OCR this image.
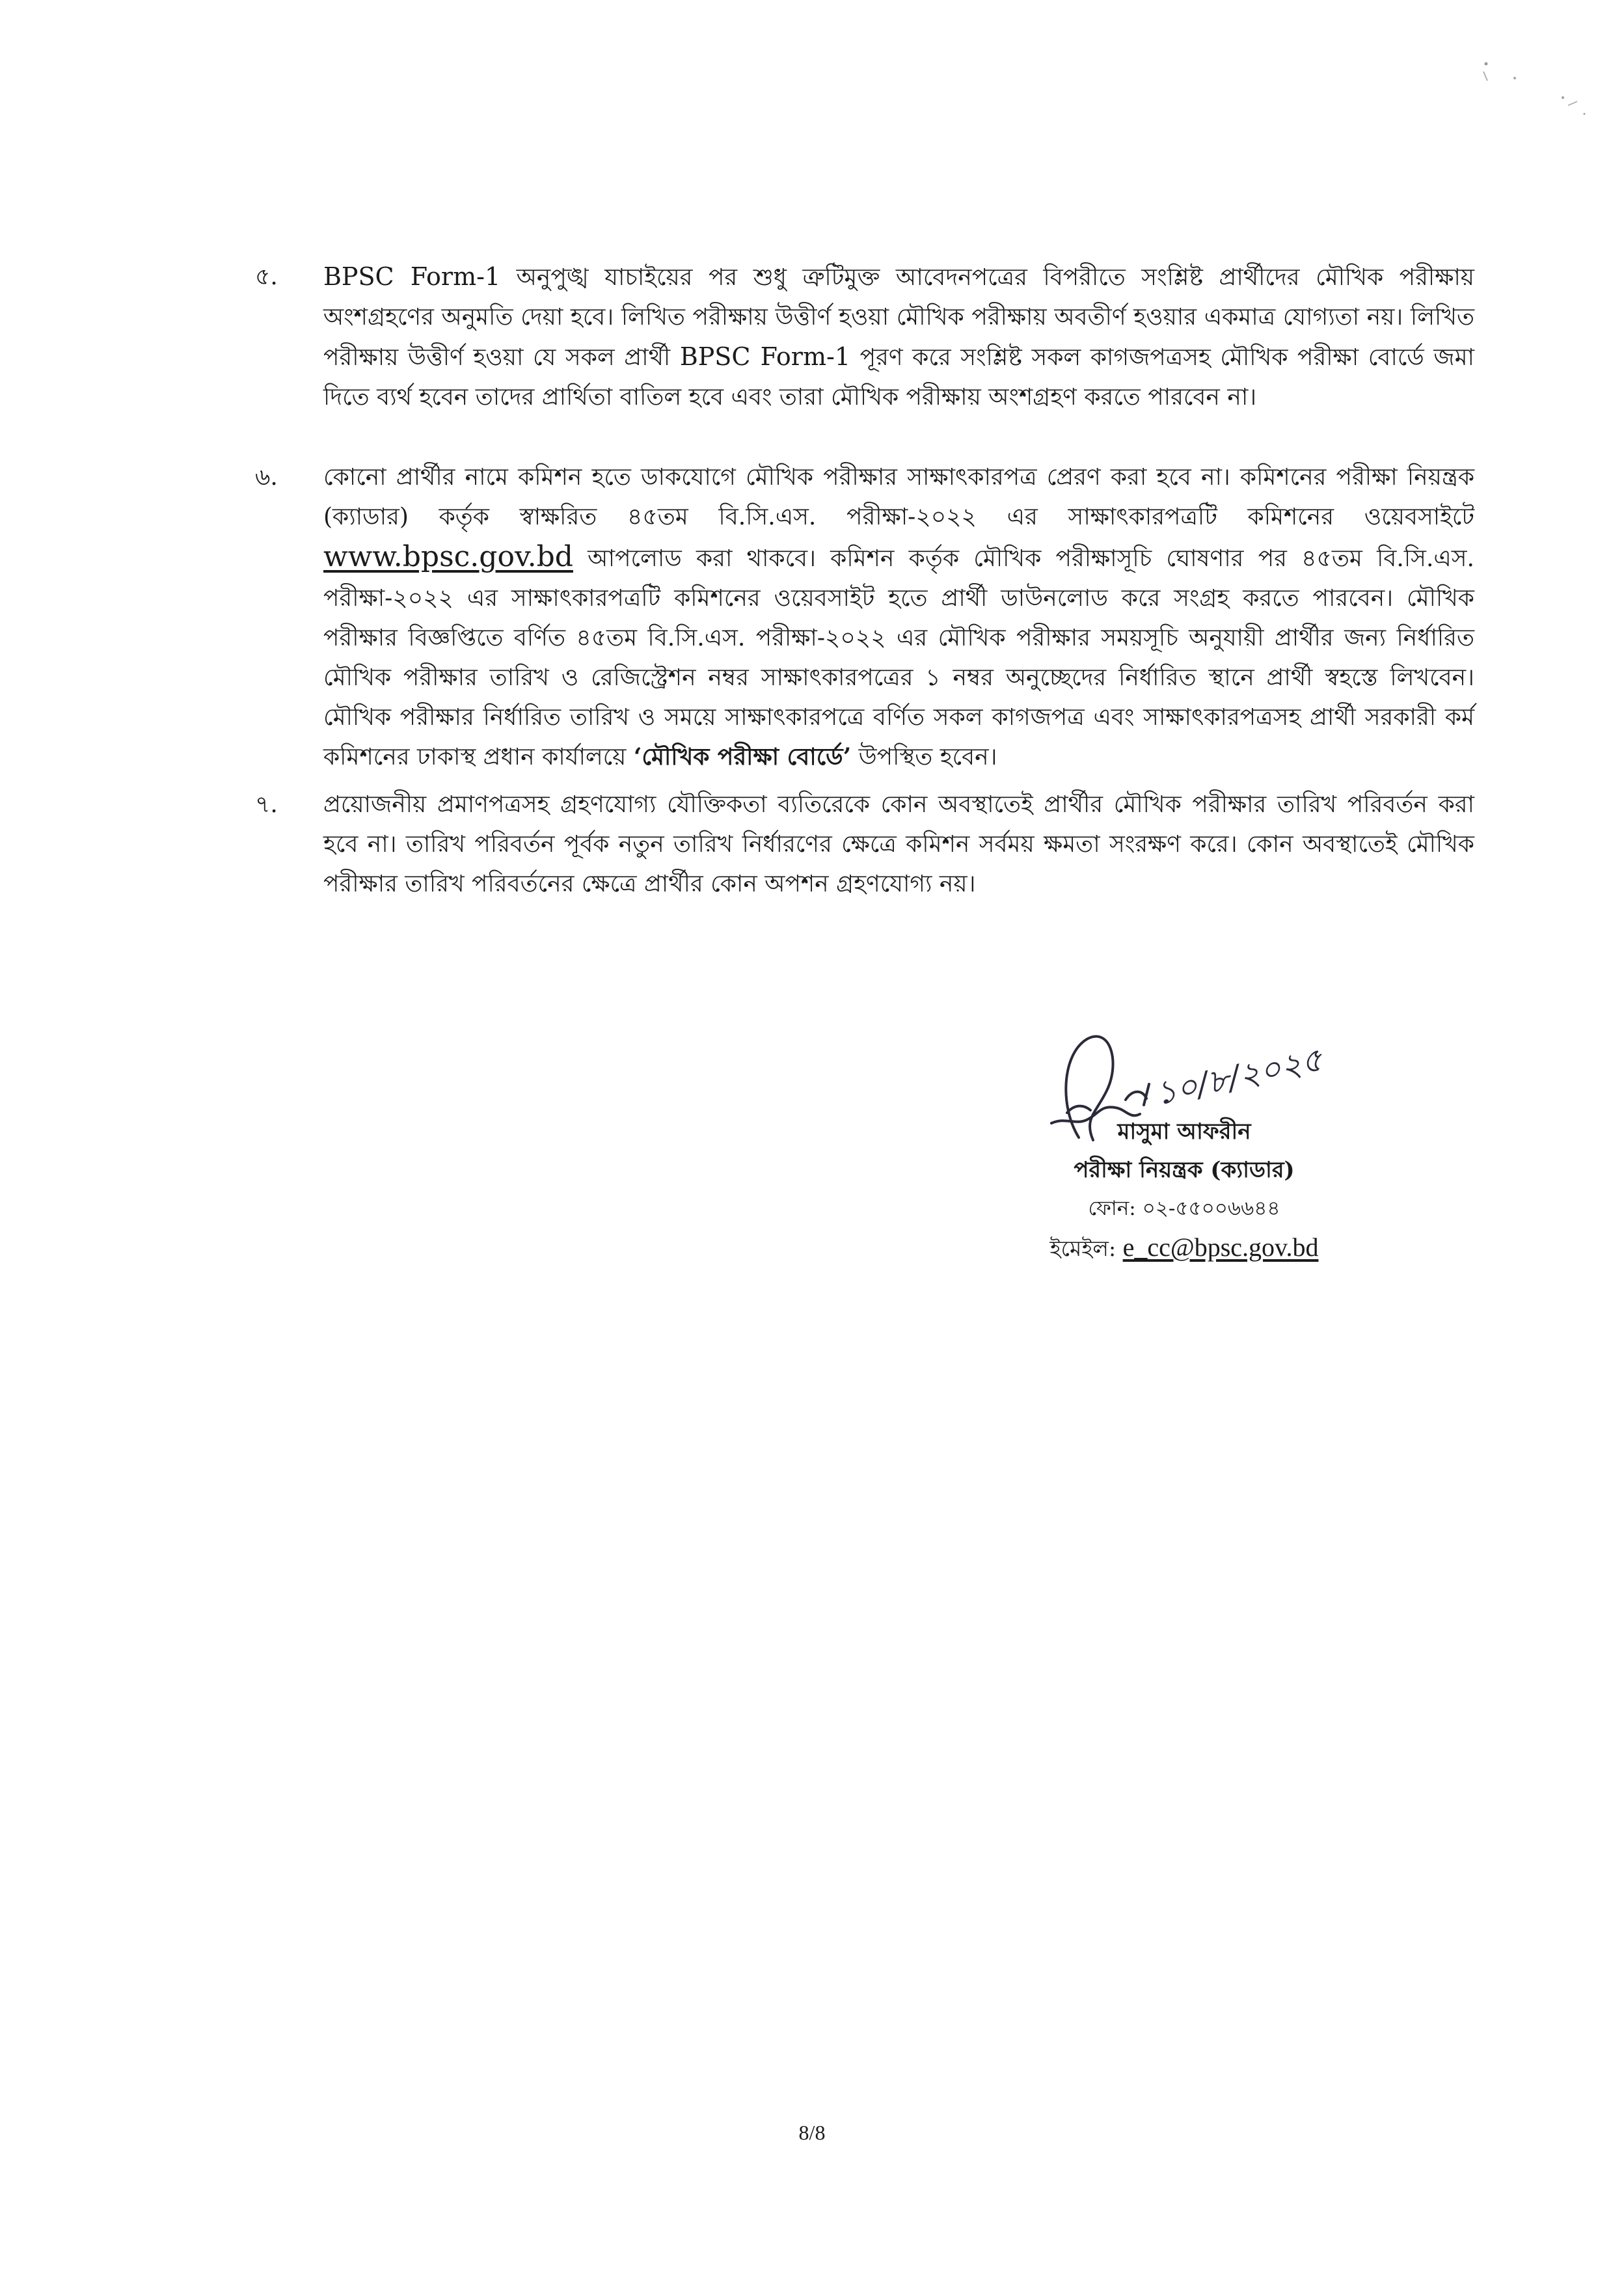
৫.	BPSC Form-1 অনুপুঙ্খ যাচাইয়ের পর শুধু ত্রুটিমুক্ত আবেদনপত্রের বিপরীতে সংশ্লিষ্ট প্রার্থীদের মৌখিক পরীক্ষায় অংশগ্রহণের অনুমতি দেয়া হবে। লিখিত পরীক্ষায় উত্তীর্ণ হওয়া মৌখিক পরীক্ষায় অবতীর্ণ হওয়ার একমাত্র যোগ্যতা নয়। লিখিত পরীক্ষায় উত্তীর্ণ হওয়া যে সকল প্রার্থী BPSC Form-1 পূরণ করে সংশ্লিষ্ট সকল কাগজপত্রসহ মৌখিক পরীক্ষা বোর্ডে জমা দিতে ব্যর্থ হবেন তাদের প্রার্থিতা বাতিল হবে এবং তারা মৌখিক পরীক্ষায় অংশগ্রহণ করতে পারবেন না।
৬.	কোনো প্রার্থীর নামে কমিশন হতে ডাকযোগে মৌখিক পরীক্ষার সাক্ষাৎকারপত্র প্রেরণ করা হবে না। কমিশনের পরীক্ষা নিয়ন্ত্রক (ক্যাডার) কর্তৃক স্বাক্ষরিত ৪৫তম বি.সি.এস. পরীক্ষা-২০২২ এর সাক্ষাৎকারপত্রটি কমিশনের ওয়েবসাইটে www.bpsc.gov.bd আপলোড করা থাকবে। কমিশন কর্তৃক মৌখিক পরীক্ষাসূচি ঘোষণার পর ৪৫তম বি.সি.এস. পরীক্ষা-২০২২ এর সাক্ষাৎকারপত্রটি কমিশনের ওয়েবসাইট হতে প্রার্থী ডাউনলোড করে সংগ্রহ করতে পারবেন। মৌখিক পরীক্ষার বিজ্ঞপ্তিতে বর্ণিত ৪৫তম বি.সি.এস. পরীক্ষা-২০২২ এর মৌখিক পরীক্ষার সময়সূচি অনুযায়ী প্রার্থীর জন্য নির্ধারিত মৌখিক পরীক্ষার তারিখ ও রেজিস্ট্রেশন নম্বর সাক্ষাৎকারপত্রের ১ নম্বর অনুচ্ছেদের নির্ধারিত স্থানে প্রার্থী স্বহস্তে লিখবেন। মৌখিক পরীক্ষার নির্ধারিত তারিখ ও সময়ে সাক্ষাৎকারপত্রে বর্ণিত সকল কাগজপত্র এবং সাক্ষাৎকারপত্রসহ প্রার্থী সরকারী কর্ম কমিশনের ঢাকাস্থ প্রধান কার্যালয়ে ‘মৌখিক পরীক্ষা বোর্ডে’ উপস্থিত হবেন।
৭.	প্রয়োজনীয় প্রমাণপত্রসহ গ্রহণযোগ্য যৌক্তিকতা ব্যতিরেকে কোন অবস্থাতেই প্রার্থীর মৌখিক পরীক্ষার তারিখ পরিবর্তন করা হবে না। তারিখ পরিবর্তন পূর্বক নতুন তারিখ নির্ধারণের ক্ষেত্রে কমিশন সর্বময় ক্ষমতা সংরক্ষণ করে। কোন অবস্থাতেই মৌখিক পরীক্ষার তারিখ পরিবর্তনের ক্ষেত্রে প্রার্থীর কোন অপশন গ্রহণযোগ্য নয়।
১০/৮/২০২৫
মাসুমা আফরীন
পরীক্ষা নিয়ন্ত্রক (ক্যাডার)
ফোন: ০২-৫৫০০৬৬৪৪
ইমেইল: e_cc@bpsc.gov.bd
8/8
